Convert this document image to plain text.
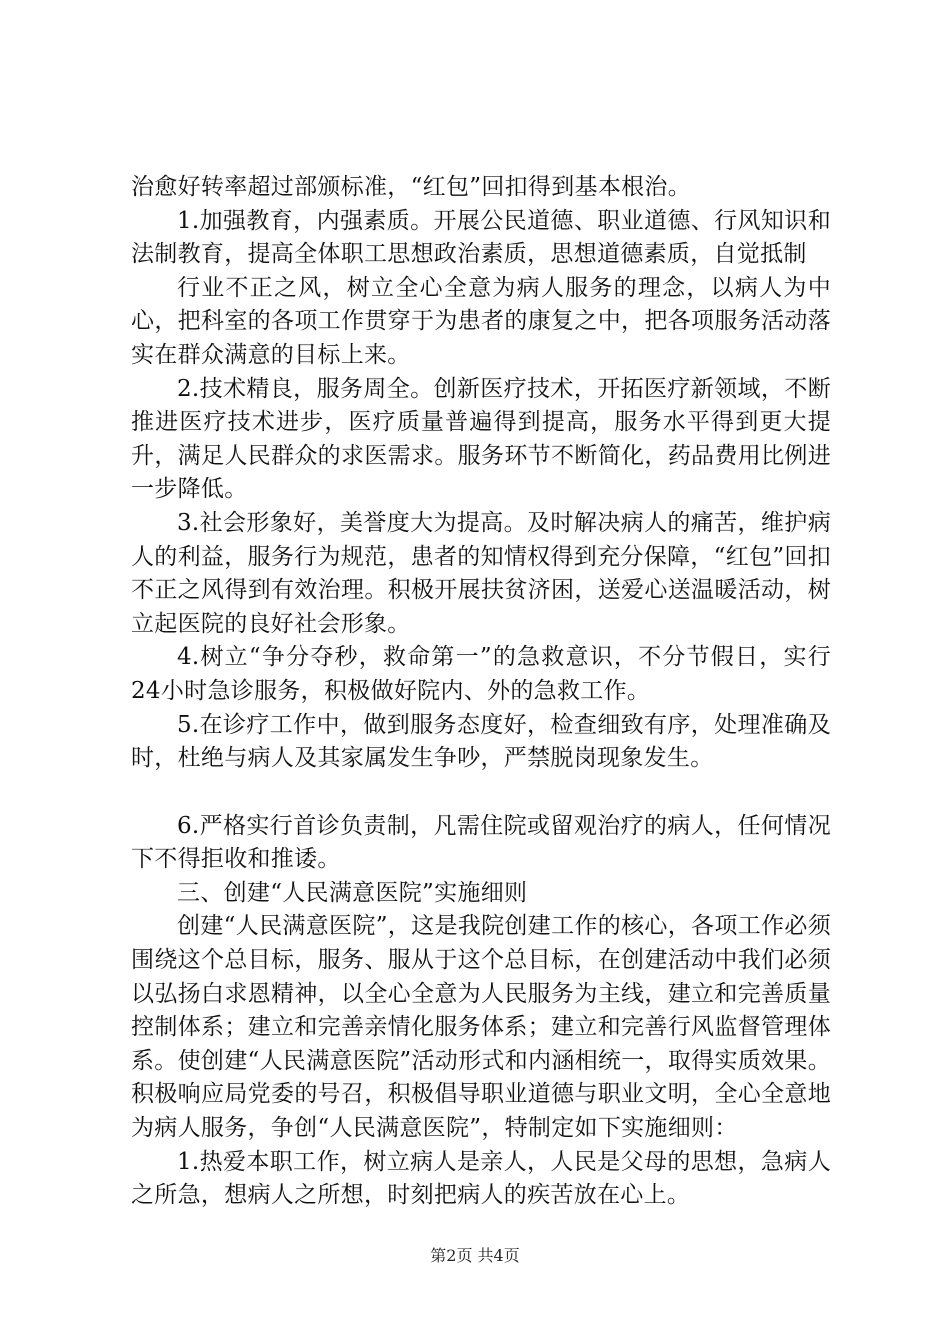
治愈好转率超过部颁标准，“红包”回扣得到基本根治。

1.加强教育，内强素质。开展公民道德、职业道德、行风知识和法制教育，提高全体职工思想政治素质，思想道德素质，自觉抵制

行业不正之风，树立全心全意为病人服务的理念，以病人为中心，把科室的各项工作贯穿于为患者的康复之中，把各项服务活动落实在群众满意的目标上来。

2.技术精良，服务周全。创新医疗技术，开拓医疗新领域，不断推进医疗技术进步，医疗质量普遍得到提高，服务水平得到更大提升，满足人民群众的求医需求。服务环节不断简化，药品费用比例进一步降低。

3.社会形象好，美誉度大为提高。及时解决病人的痛苦，维护病人的利益，服务行为规范，患者的知情权得到充分保障，“红包”回扣不正之风得到有效治理。积极开展扶贫济困，送爱心送温暖活动，树立起医院的良好社会形象。

4.树立“争分夺秒，救命第一”的急救意识，不分节假日，实行24小时急诊服务，积极做好院内、外的急救工作。

5.在诊疗工作中，做到服务态度好，检查细致有序，处理准确及时，杜绝与病人及其家属发生争吵，严禁脱岗现象发生。

6.严格实行首诊负责制，凡需住院或留观治疗的病人，任何情况下不得拒收和推诿。

三、创建“人民满意医院”实施细则

创建“人民满意医院”，这是我院创建工作的核心，各项工作必须围绕这个总目标，服务、服从于这个总目标，在创建活动中我们必须以弘扬白求恩精神，以全心全意为人民服务为主线，建立和完善质量控制体系；建立和完善亲情化服务体系；建立和完善行风监督管理体系。使创建“人民满意医院”活动形式和内涵相统一，取得实质效果。积极响应局党委的号召，积极倡导职业道德与职业文明，全心全意地为病人服务，争创“人民满意医院”，特制定如下实施细则：

1.热爱本职工作，树立病人是亲人，人民是父母的思想，急病人之所急，想病人之所想，时刻把病人的疾苦放在心上。

第2页 共4页
